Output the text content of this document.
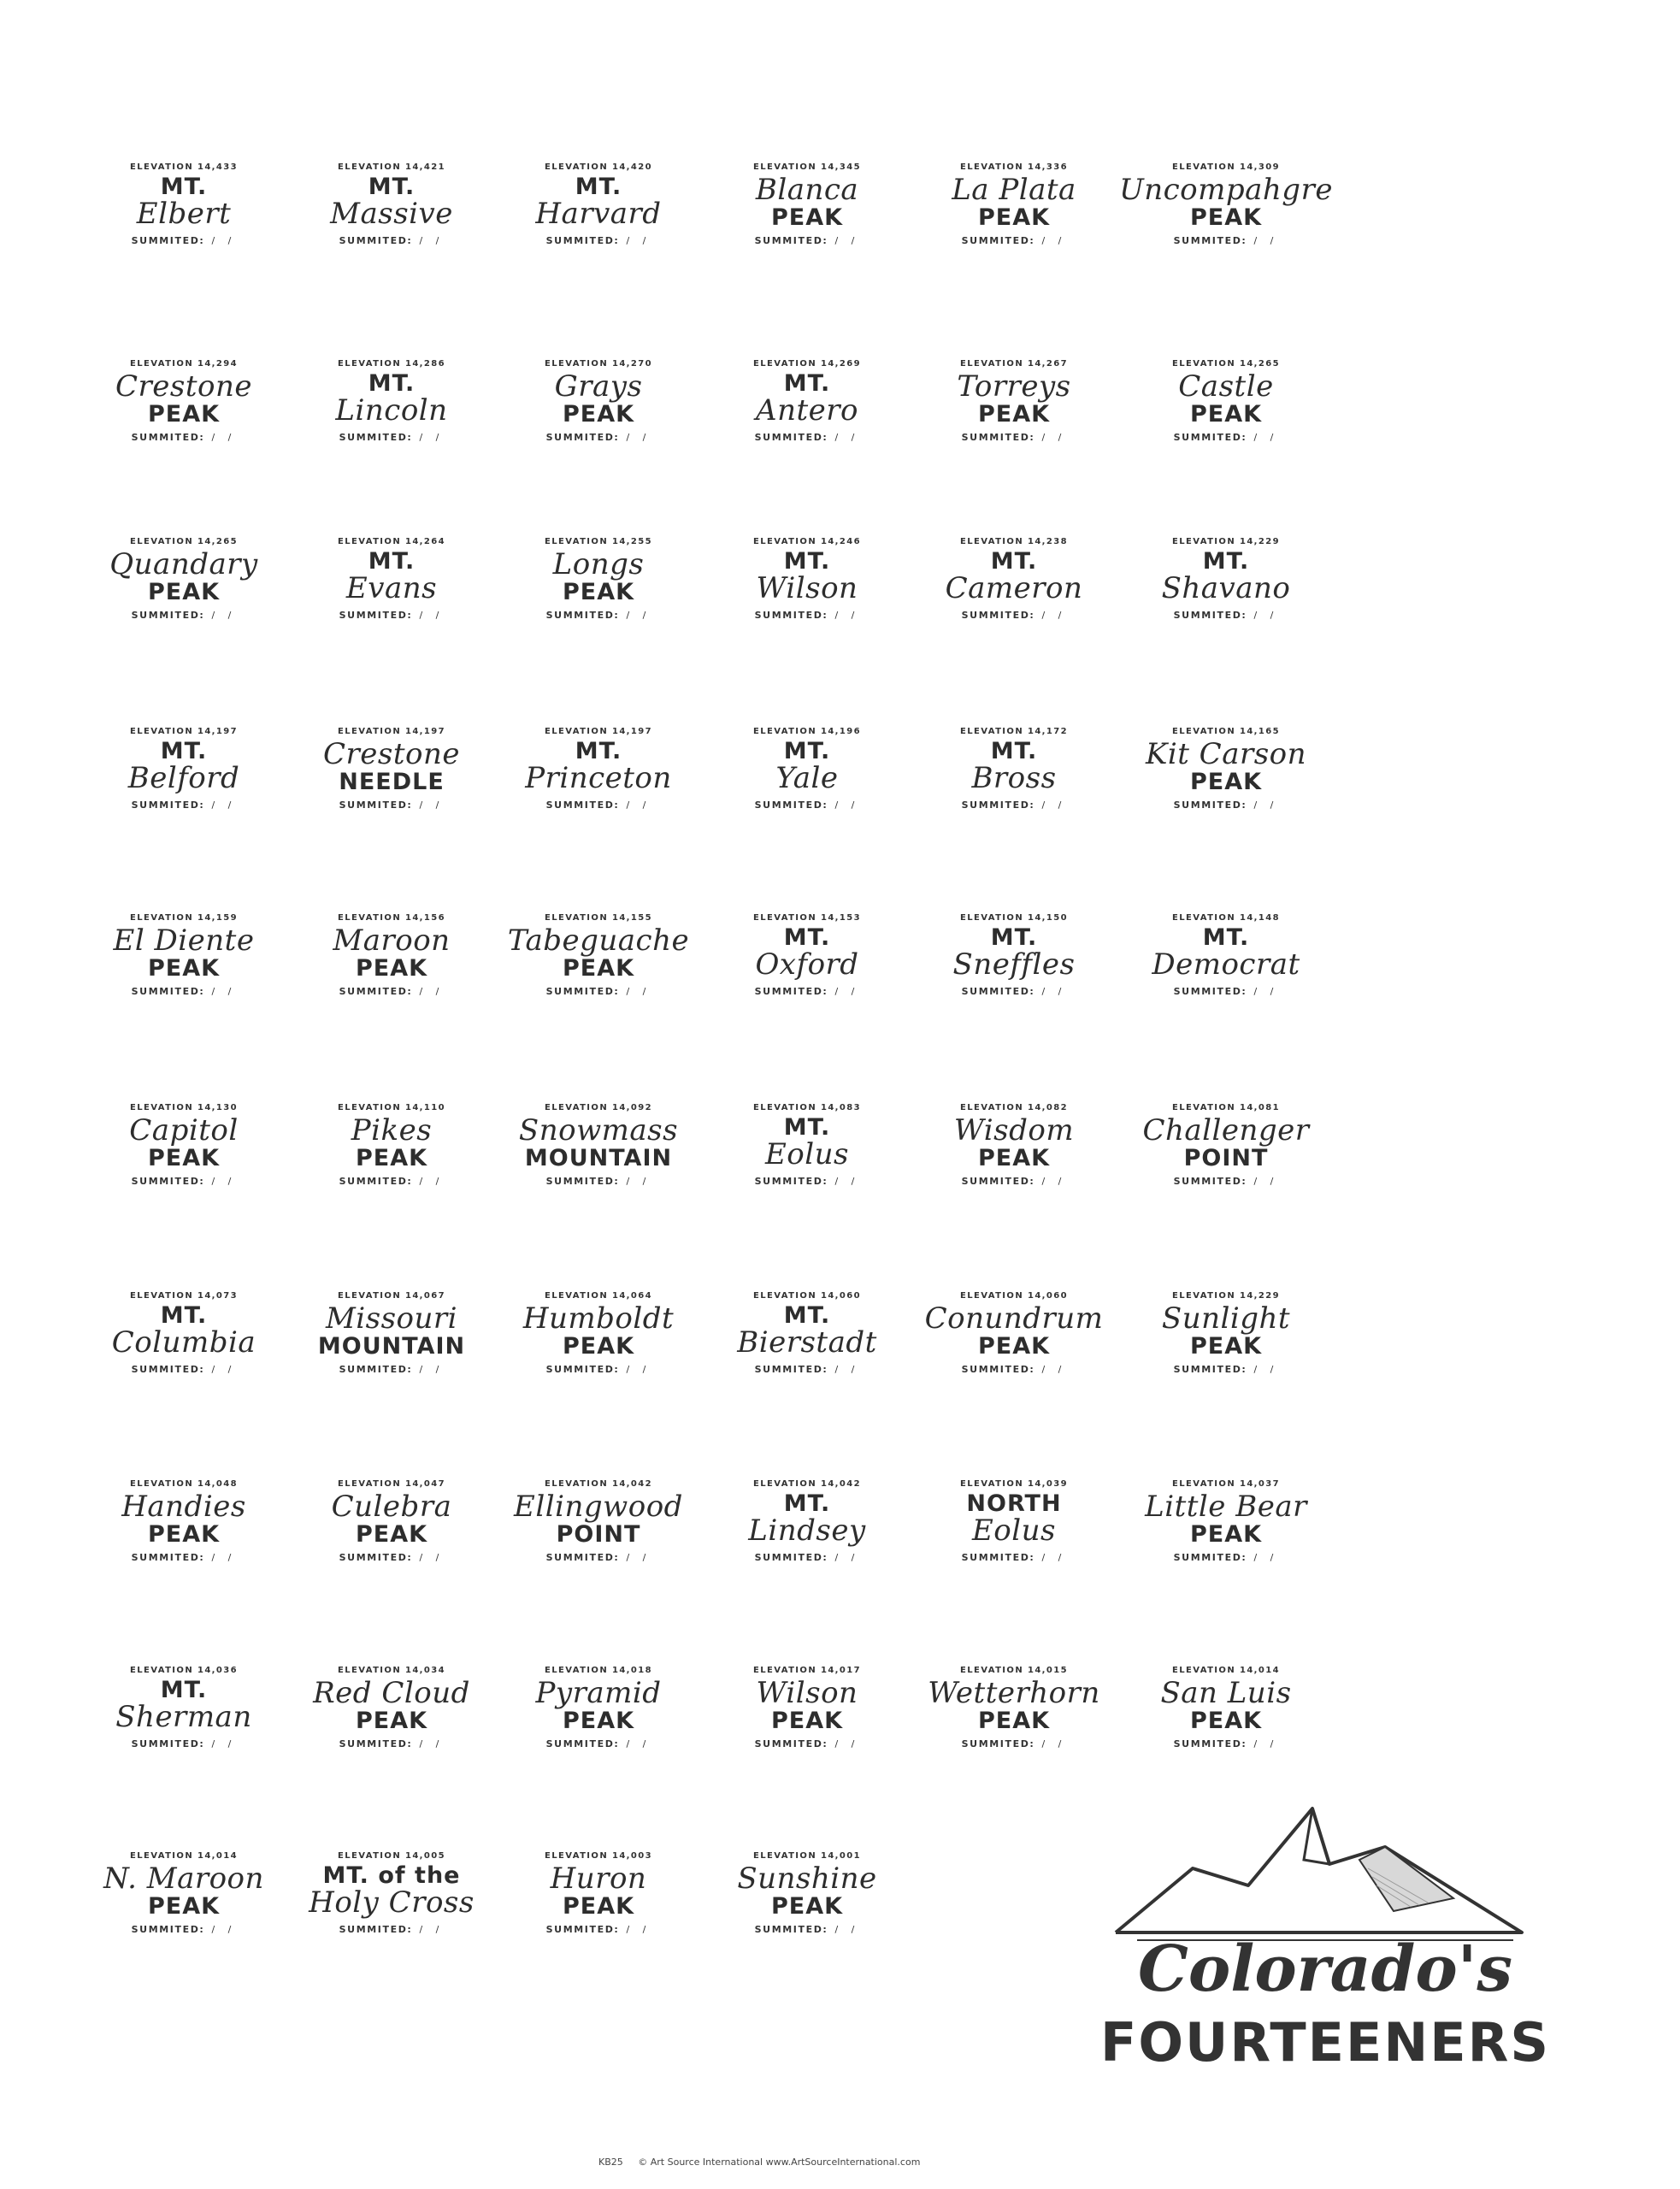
ELEVATION 14,433
MT.
Elbert
SUMMITED: / /
ELEVATION 14,421
MT.
Massive
SUMMITED: / /
ELEVATION 14,420
MT.
Harvard
SUMMITED: / /
ELEVATION 14,345
Blanca
PEAK
SUMMITED: / /
ELEVATION 14,336
La Plata
PEAK
SUMMITED: / /
ELEVATION 14,309
Uncompahgre
PEAK
SUMMITED: / /
ELEVATION 14,294
Crestone
PEAK
SUMMITED: / /
ELEVATION 14,286
MT.
Lincoln
SUMMITED: / /
ELEVATION 14,270
Grays
PEAK
SUMMITED: / /
ELEVATION 14,269
MT.
Antero
SUMMITED: / /
ELEVATION 14,267
Torreys
PEAK
SUMMITED: / /
ELEVATION 14,265
Castle
PEAK
SUMMITED: / /
ELEVATION 14,265
Quandary
PEAK
SUMMITED: / /
ELEVATION 14,264
MT.
Evans
SUMMITED: / /
ELEVATION 14,255
Longs
PEAK
SUMMITED: / /
ELEVATION 14,246
MT.
Wilson
SUMMITED: / /
ELEVATION 14,238
MT.
Cameron
SUMMITED: / /
ELEVATION 14,229
MT.
Shavano
SUMMITED: / /
ELEVATION 14,197
MT.
Belford
SUMMITED: / /
ELEVATION 14,197
Crestone
NEEDLE
SUMMITED: / /
ELEVATION 14,197
MT.
Princeton
SUMMITED: / /
ELEVATION 14,196
MT.
Yale
SUMMITED: / /
ELEVATION 14,172
MT.
Bross
SUMMITED: / /
ELEVATION 14,165
Kit Carson
PEAK
SUMMITED: / /
ELEVATION 14,159
El Diente
PEAK
SUMMITED: / /
ELEVATION 14,156
Maroon
PEAK
SUMMITED: / /
ELEVATION 14,155
Tabeguache
PEAK
SUMMITED: / /
ELEVATION 14,153
MT.
Oxford
SUMMITED: / /
ELEVATION 14,150
MT.
Sneffles
SUMMITED: / /
ELEVATION 14,148
MT.
Democrat
SUMMITED: / /
ELEVATION 14,130
Capitol
PEAK
SUMMITED: / /
ELEVATION 14,110
Pikes
PEAK
SUMMITED: / /
ELEVATION 14,092
Snowmass
MOUNTAIN
SUMMITED: / /
ELEVATION 14,083
MT.
Eolus
SUMMITED: / /
ELEVATION 14,082
Wisdom
PEAK
SUMMITED: / /
ELEVATION 14,081
Challenger
POINT
SUMMITED: / /
ELEVATION 14,073
MT.
Columbia
SUMMITED: / /
ELEVATION 14,067
Missouri
MOUNTAIN
SUMMITED: / /
ELEVATION 14,064
Humboldt
PEAK
SUMMITED: / /
ELEVATION 14,060
MT.
Bierstadt
SUMMITED: / /
ELEVATION 14,060
Conundrum
PEAK
SUMMITED: / /
ELEVATION 14,229
Sunlight
PEAK
SUMMITED: / /
ELEVATION 14,048
Handies
PEAK
SUMMITED: / /
ELEVATION 14,047
Culebra
PEAK
SUMMITED: / /
ELEVATION 14,042
Ellingwood
POINT
SUMMITED: / /
ELEVATION 14,042
MT.
Lindsey
SUMMITED: / /
ELEVATION 14,039
NORTH
Eolus
SUMMITED: / /
ELEVATION 14,037
Little Bear
PEAK
SUMMITED: / /
ELEVATION 14,036
MT.
Sherman
SUMMITED: / /
ELEVATION 14,034
Red Cloud
PEAK
SUMMITED: / /
ELEVATION 14,018
Pyramid
PEAK
SUMMITED: / /
ELEVATION 14,017
Wilson
PEAK
SUMMITED: / /
ELEVATION 14,015
Wetterhorn
PEAK
SUMMITED: / /
ELEVATION 14,014
San Luis
PEAK
SUMMITED: / /
ELEVATION 14,014
N. Maroon
PEAK
SUMMITED: / /
ELEVATION 14,005
MT. of the
Holy Cross
SUMMITED: / /
ELEVATION 14,003
Huron
PEAK
SUMMITED: / /
ELEVATION 14,001
Sunshine
PEAK
SUMMITED: / /
Colorado's
FOURTEENERS
KB25 © Art Source International www.ArtSourceInternational.com
